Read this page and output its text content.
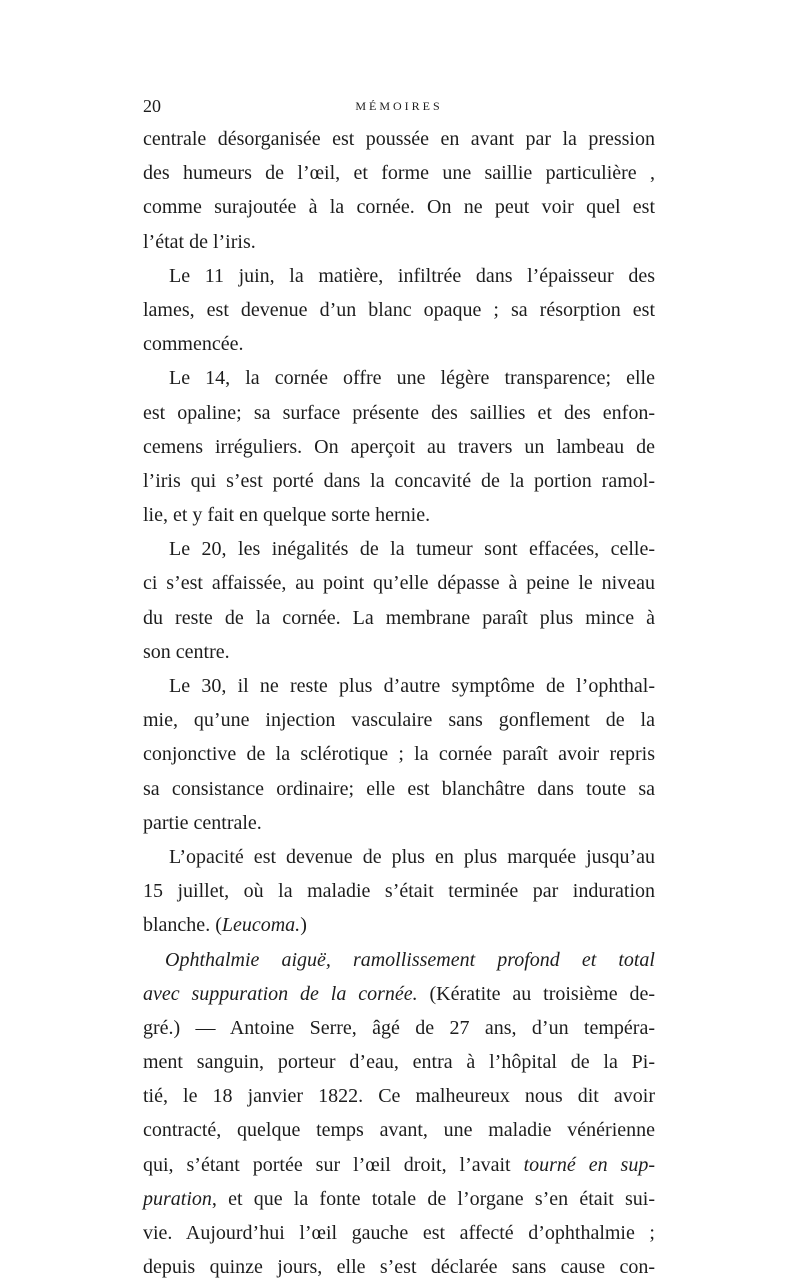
20	MÉMOIRES
centrale désorganisée est poussée en avant par la pression
des humeurs de l’œil, et forme une saillie particulière ,
comme surajoutée à la cornée. On ne peut voir quel est
l’état de l’iris.
Le 11 juin, la matière, infiltrée dans l’épaisseur des
lames, est devenue d’un blanc opaque ; sa résorption est
commencée.
Le 14, la cornée offre une légère transparence; elle
est opaline; sa surface présente des saillies et des enfon-
cemens irréguliers. On aperçoit au travers un lambeau de
l’iris qui s’est porté dans la concavité de la portion ramol-
lie, et y fait en quelque sorte hernie.
Le 20, les inégalités de la tumeur sont effacées, celle-
ci s’est affaissée, au point qu’elle dépasse à peine le niveau
du reste de la cornée. La membrane paraît plus mince à
son centre.
Le 30, il ne reste plus d’autre symptôme de l’ophthal-
mie, qu’une injection vasculaire sans gonflement de la
conjonctive de la sclérotique ; la cornée paraît avoir repris
sa consistance ordinaire; elle est blanchâtre dans toute sa
partie centrale.
L’opacité est devenue de plus en plus marquée jusqu’au
15 juillet, où la maladie s’était terminée par induration
blanche. (Leucoma.)
Ophthalmie aiguë, ramollissement profond et total
avec suppuration de la cornée. (Kératite au troisième de-
gré.) — Antoine Serre, âgé de 27 ans, d’un tempéra-
ment sanguin, porteur d’eau, entra à l’hôpital de la Pi-
tié, le 18 janvier 1822. Ce malheureux nous dit avoir
contracté, quelque temps avant, une maladie vénérienne
qui, s’étant portée sur l’œil droit, l’avait tourné en sup-
puration, et que la fonte totale de l’organe s’en était sui-
vie. Aujourd’hui l’œil gauche est affecté d’ophthalmie ;
depuis quinze jours, elle s’est déclarée sans cause con-
